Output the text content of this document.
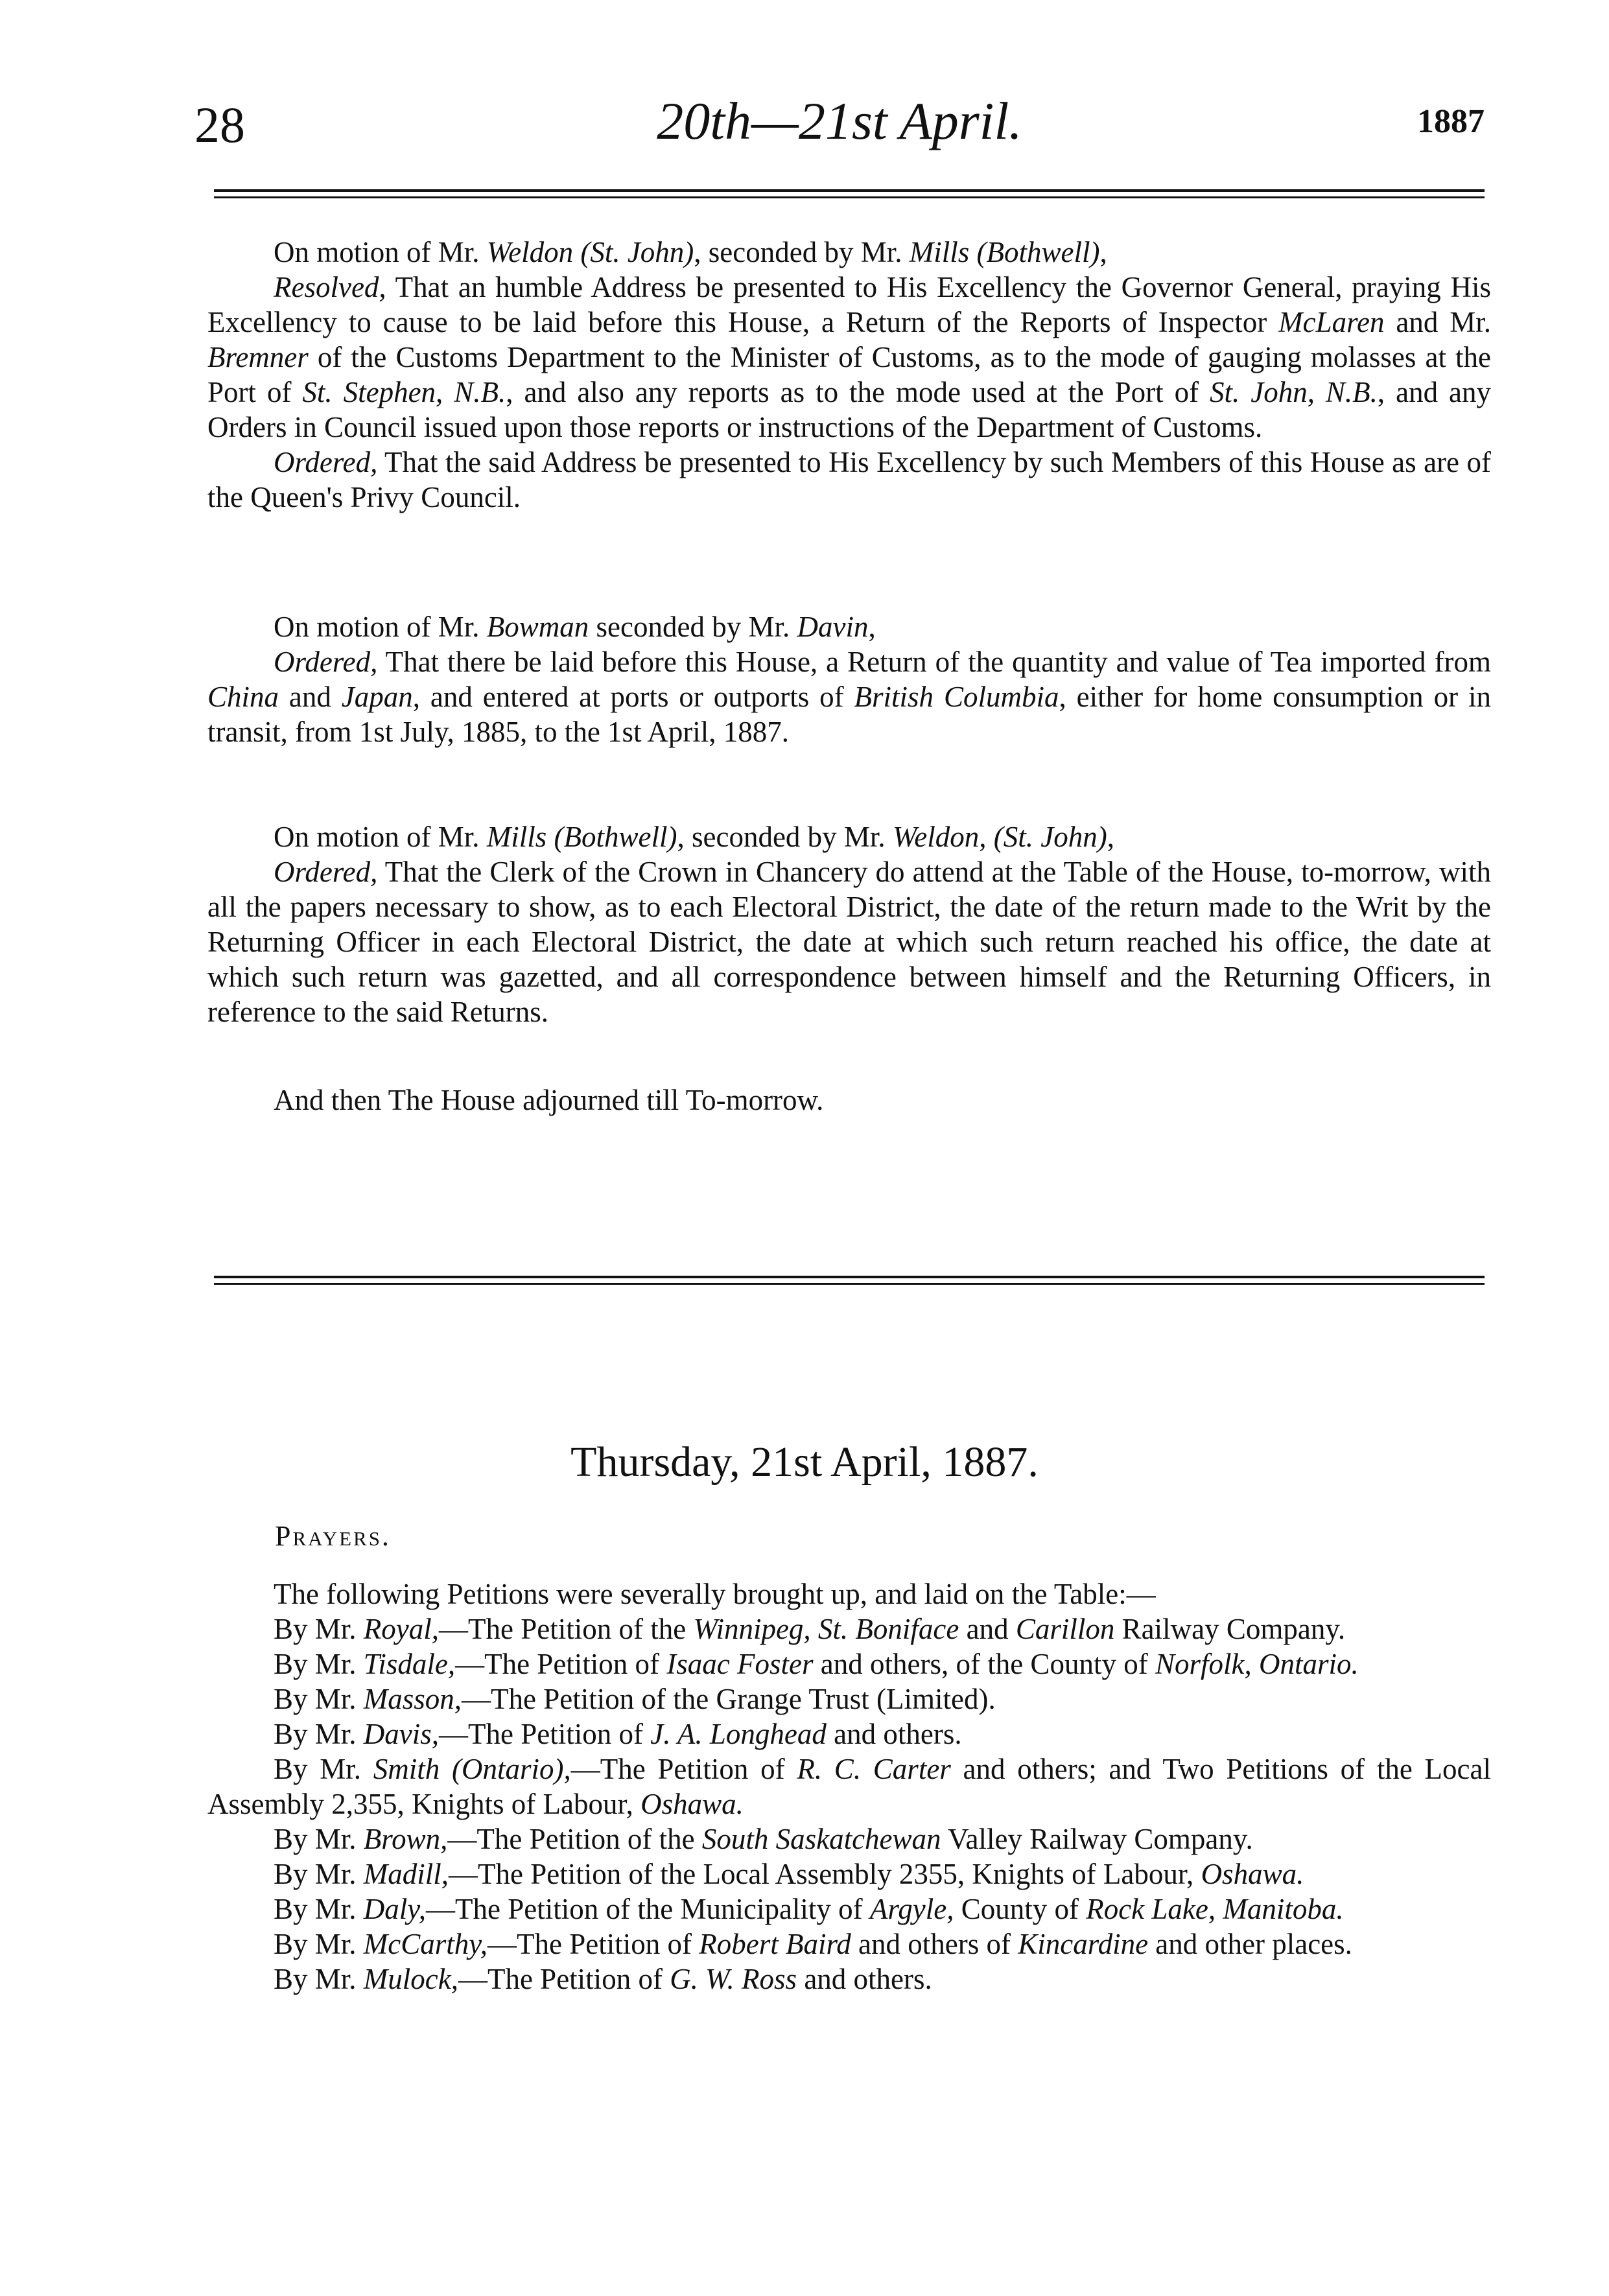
28	20th—21st April.	1887

On motion of Mr. Weldon (St. John), seconded by Mr. Mills (Bothwell),

Resolved, That an humble Address be presented to His Excellency the Governor General, praying His Excellency to cause to be laid before this House, a Return of the Reports of Inspector McLaren and Mr. Bremner of the Customs Department to the Minister of Customs, as to the mode of gauging molasses at the Port of St. Stephen, N.B., and also any reports as to the mode used at the Port of St. John, N.B., and any Orders in Council issued upon those reports or instructions of the Department of Customs.

Ordered, That the said Address be presented to His Excellency by such Members of this House as are of the Queen's Privy Council.

On motion of Mr. Bowman seconded by Mr. Davin,

Ordered, That there be laid before this House, a Return of the quantity and value of Tea imported from China and Japan, and entered at ports or outports of British Columbia, either for home consumption or in transit, from 1st July, 1885, to the 1st April, 1887.

On motion of Mr. Mills (Bothwell), seconded by Mr. Weldon, (St. John),

Ordered, That the Clerk of the Crown in Chancery do attend at the Table of the House, to-morrow, with all the papers necessary to show, as to each Electoral District, the date of the return made to the Writ by the Returning Officer in each Electoral District, the date at which such return reached his office, the date at which such return was gazetted, and all correspondence between himself and the Returning Officers, in reference to the said Returns.

And then The House adjourned till To-morrow.

Thursday, 21st April, 1887.
Prayers.

The following Petitions were severally brought up, and laid on the Table:—

By Mr. Royal,—The Petition of the Winnipeg, St. Boniface and Carillon Railway Company.

By Mr. Tisdale,—The Petition of Isaac Foster and others, of the County of Norfolk, Ontario.

By Mr. Masson,—The Petition of the Grange Trust (Limited).

By Mr. Davis,—The Petition of J. A. Longhead and others.

By Mr. Smith (Ontario),—The Petition of R. C. Carter and others; and Two Petitions of the Local Assembly 2,355, Knights of Labour, Oshawa.

By Mr. Brown,—The Petition of the South Saskatchewan Valley Railway Company.

By Mr. Madill,—The Petition of the Local Assembly 2355, Knights of Labour, Oshawa.

By Mr. Daly,—The Petition of the Municipality of Argyle, County of Rock Lake, Manitoba.

By Mr. McCarthy,—The Petition of Robert Baird and others of Kincardine and other places.

By Mr. Mulock,—The Petition of G. W. Ross and others.
